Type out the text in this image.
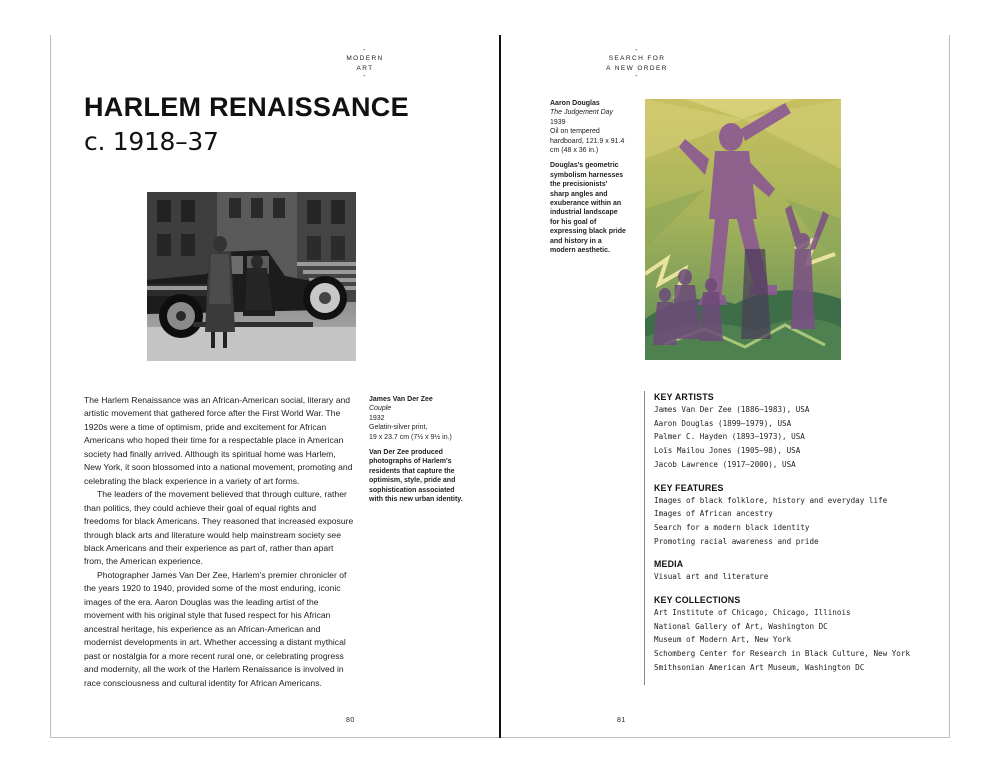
-
MODERN
ART
-
-
SEARCH FOR
A NEW ORDER
-
HARLEM RENAISSANCE
c. 1918–37
James Van Der Zee
Couple
1932
Gelatin-silver print,
19 x 23.7 cm (7½ x 9½ in.)
Van Der Zee produced photographs of Harlem's residents that capture the optimism, style, pride and sophistication associated with this new urban identity.

The Harlem Renaissance was an African-American social, literary and artistic movement that gathered force after the First World War. The 1920s were a time of optimism, pride and excitement for African Americans who hoped their time for a respectable place in American society had finally arrived. Although its spiritual home was Harlem, New York, it soon blossomed into a national movement, promoting and celebrating the black experience in a variety of art forms.

The leaders of the movement believed that through culture, rather than politics, they could achieve their goal of equal rights and freedoms for black Americans. They reasoned that increased exposure through black arts and literature would help mainstream society see black Americans and their experience as part of, rather than apart from, the American experience.

Photographer James Van Der Zee, Harlem's premier chronicler of the years 1920 to 1940, provided some of the most enduring, iconic images of the era. Aaron Douglas was the leading artist of the movement with his original style that fused respect for his African ancestral heritage, his experience as an African-American and modernist developments in art. Whether accessing a distant mythical past or nostalgia for a more recent rural one, or celebrating progress and modernity, all the work of the Harlem Renaissance is involved in race consciousness and cultural identity for African Americans.

80
Aaron Douglas
The Judgement Day
1939
Oil on tempered
hardboard, 121.9 x 91.4
cm (48 x 36 in.)
Douglas's geometric symbolism harnesses the precisionists' sharp angles and exuberance within an industrial landscape for his goal of expressing black pride and history in a modern aesthetic.
KEY ARTISTS
James Van Der Zee (1886–1983), USA
Aaron Douglas (1899–1979), USA
Palmer C. Hayden (1893–1973), USA
Loïs Mailou Jones (1905–98), USA
Jacob Lawrence (1917–2000), USA
KEY FEATURES
Images of black folklore, history and everyday life
Images of African ancestry
Search for a modern black identity
Promoting racial awareness and pride
MEDIA
Visual art and literature
KEY COLLECTIONS
Art Institute of Chicago, Chicago, Illinois
National Gallery of Art, Washington DC
Museum of Modern Art, New York
Schomberg Center for Research in Black Culture, New York
Smithsonian American Art Museum, Washington DC
81
